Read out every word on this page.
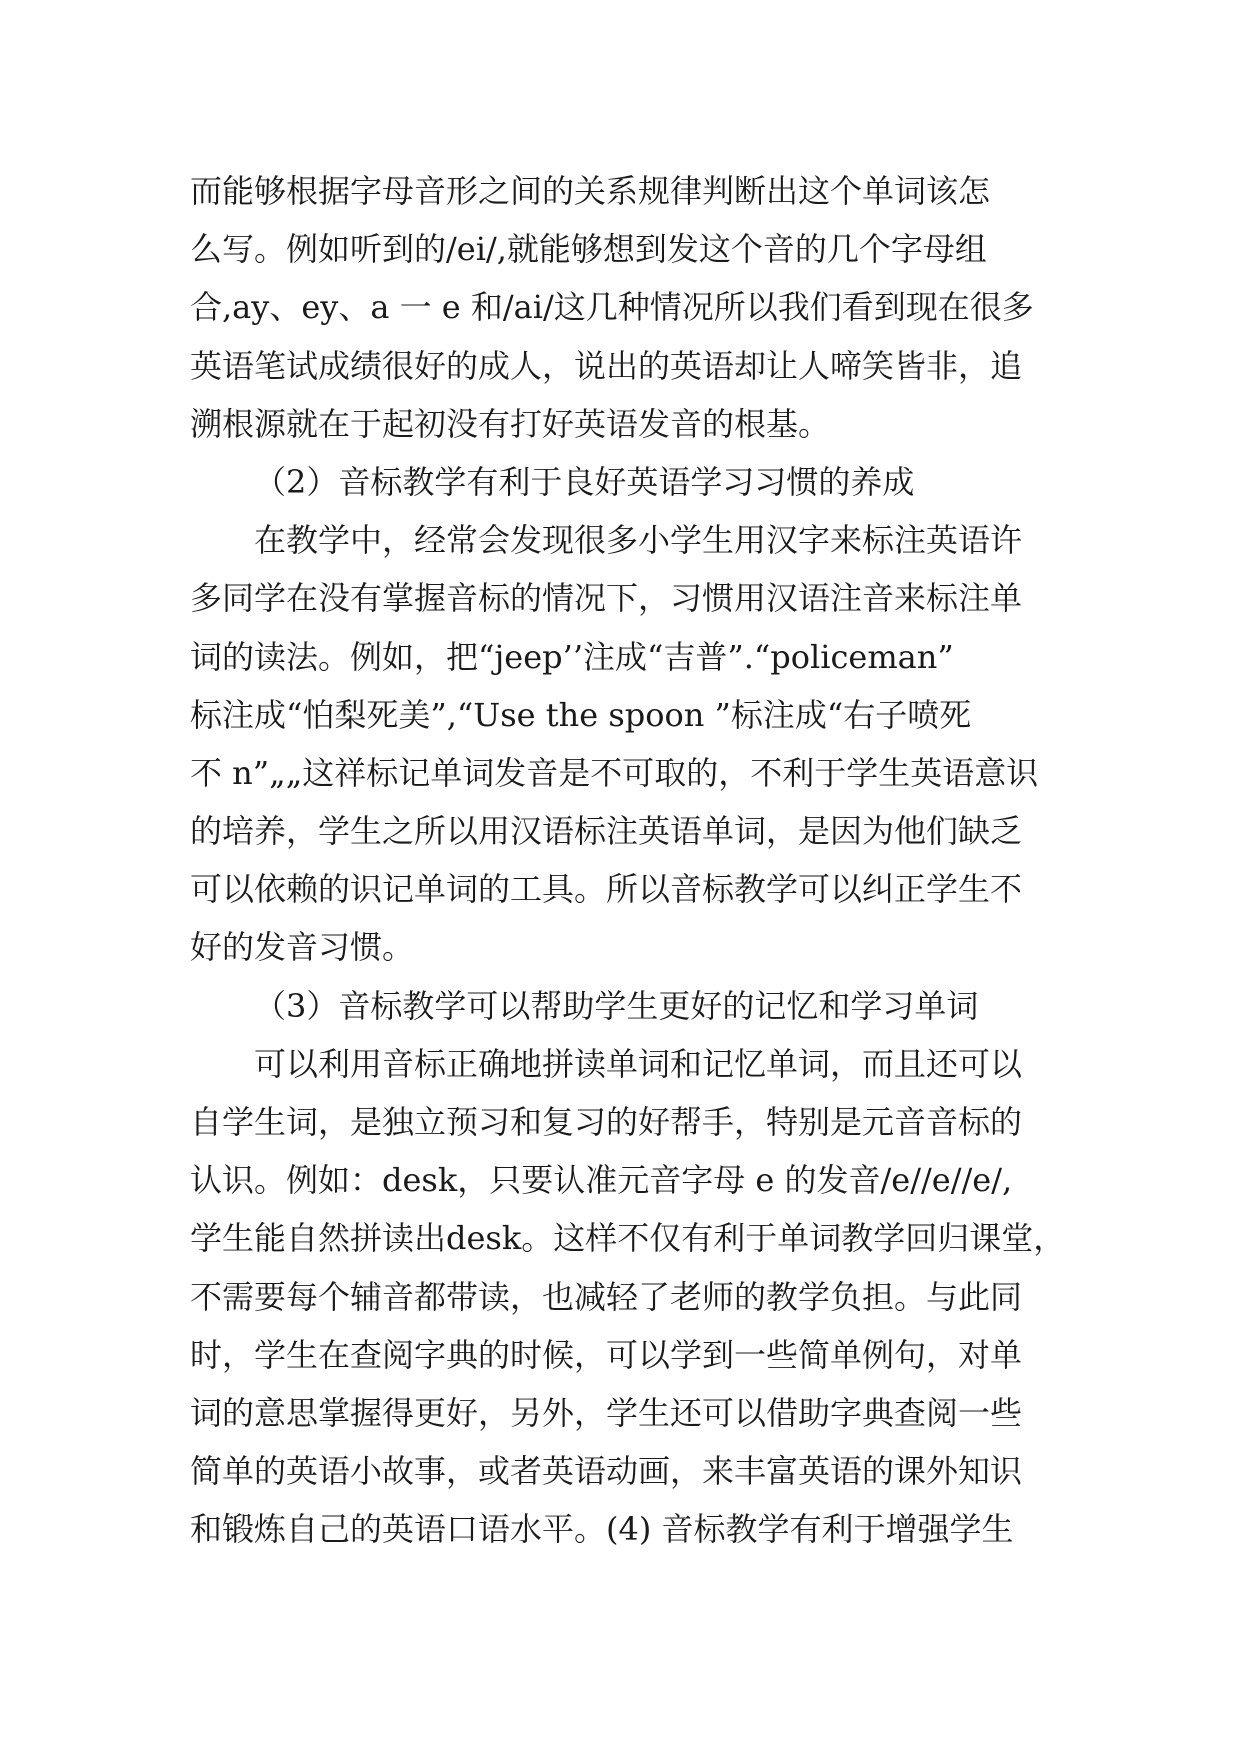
而能够根据字母音形之间的关系规律判断出这个单词该怎
么写。例如听到的/ei/,就能够想到发这个音的几个字母组
合,ay、ey、a 一 e 和/ai/这几种情况所以我们看到现在很多
英语笔试成绩很好的成人，说出的英语却让人啼笑皆非，追
溯根源就在于起初没有打好英语发音的根基。
（2）音标教学有利于良好英语学习习惯的养成
在教学中，经常会发现很多小学生用汉字来标注英语许
多同学在没有掌握音标的情况下，习惯用汉语注音来标注单
词的读法。例如，把“jeep’’注成“吉普”.“policeman”
标注成“怕梨死美”,“Use the spoon ”标注成“右子喷死
不 n”„„这祥标记单词发音是不可取的，不利于学生英语意识
的培养，学生之所以用汉语标注英语单词，是因为他们缺乏
可以依赖的识记单词的工具。所以音标教学可以纠正学生不
好的发音习惯。
（3）音标教学可以帮助学生更好的记忆和学习单词
可以利用音标正确地拼读单词和记忆单词，而且还可以
自学生词，是独立预习和复习的好帮手，特别是元音音标的
认识。例如：desk，只要认准元音字母 e 的发音/e//e//e/,
学生能自然拼读出desk。这样不仅有利于单词教学回归课堂，
不需要每个辅音都带读，也减轻了老师的教学负担。与此同
时，学生在查阅字典的时候，可以学到一些简单例句，对单
词的意思掌握得更好，另外，学生还可以借助字典查阅一些
简单的英语小故事，或者英语动画，来丰富英语的课外知识
和锻炼自己的英语口语水平。(4) 音标教学有利于增强学生
